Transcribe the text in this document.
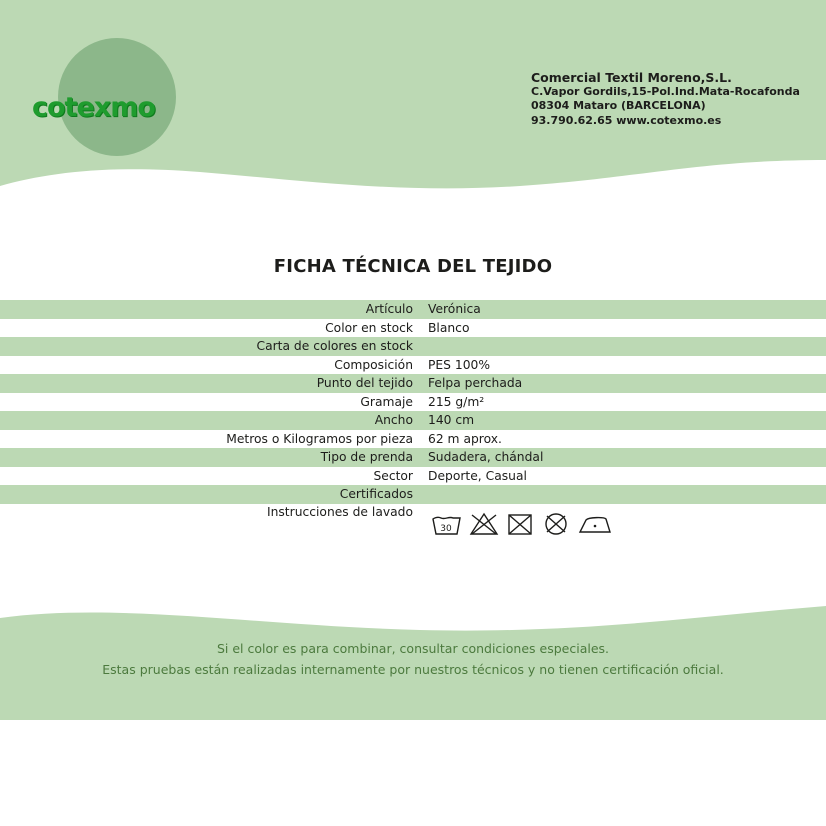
cotexmo
Comercial Textil Moreno,S.L.
C.Vapor Gordils,15-Pol.Ind.Mata-Rocafonda
08304 Mataro (BARCELONA)
93.790.62.65 www.cotexmo.es
FICHA TÉCNICA DEL TEJIDO
Artículo	Verónica
Color en stock	Blanco
Carta de colores en stock	
Composición	PES 100%
Punto del tejido	Felpa perchada
Gramaje	215 g/m²
Ancho	140 cm
Metros o Kilogramos por pieza	62 m aprox.
Tipo de prenda	Sudadera, chándal
Sector	Deporte, Casual
Certificados	
Instrucciones de lavado	30
Si el color es para combinar, consultar condiciones especiales.
Estas pruebas están realizadas internamente por nuestros técnicos y no tienen certificación oficial.
